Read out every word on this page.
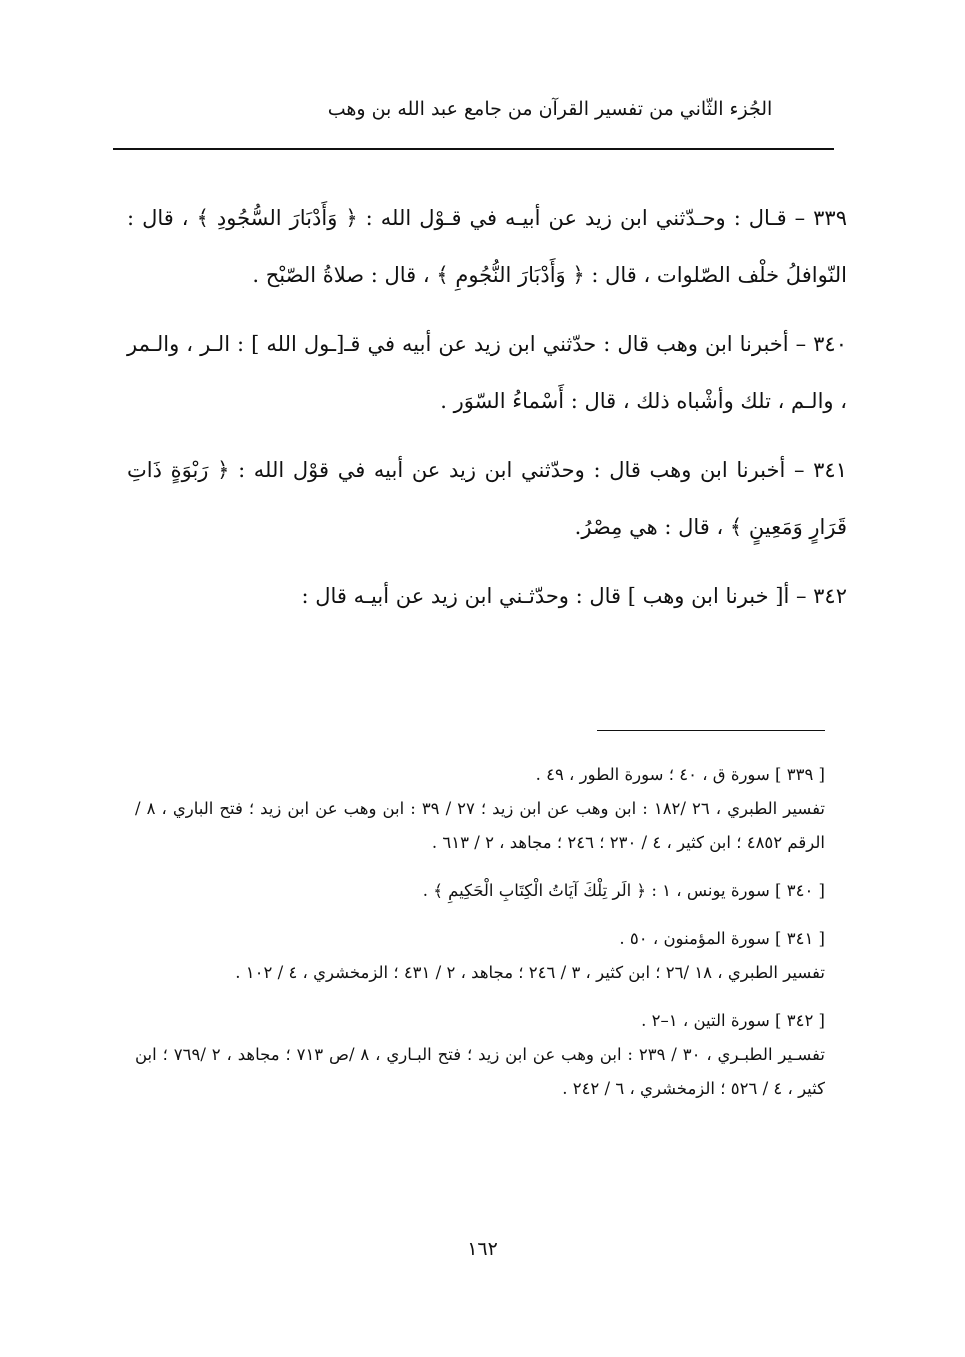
الجُزء الثّاني من تفسير القرآن من جامع عبد الله بن وهب

٣٣٩ – قـال : وحـدّثني ابن زيد عن أبيـه في قـوْل الله : ﴿ وَأَدْبَارَ السُّجُودِ ﴾ ، قال : النّوافلُ خلْف الصّلوات ، قال : ﴿ وَأَدْبَارَ النُّجُومِ ﴾ ، قال : صلاةُ الصّبْح .

٣٤٠ – أخبرنا ابن وهب قال : حدّثني ابن زيد عن أبيه في قـ[ـول الله ] : الـر ، والـمر ، والـم ، تلك وأشْباه ذلك ، قال : أَسْماءُ السّوَر .

٣٤١ – أخبرنا ابن وهب قال : وحدّثني ابن زيد عن أبيه في قوْل الله : ﴿ رَبْوَةٍ ذَاتِ قَرَارٍ وَمَعِينٍ ﴾ ، قال : هي مِصْرُ.

٣٤٢ – أ[ خبرنا ابن وهب ] قال : وحدّثـني ابن زيد عن أبيـه قال :

[ ٣٣٩ ] سورة ق ، ٤٠ ؛ سورة الطور ، ٤٩ .

تفسير الطبري ، ٢٦ /١٨٢ : ابن وهب عن ابن زيد ؛ ٢٧ / ٣٩ : ابن وهب عن ابن زيد ؛ فتح الباري ، ٨ /الرقم ٤٨٥٢ ؛ ابن كثير ، ٤ / ٢٣٠ ؛ ٢٤٦ ؛ مجاهد ، ٢ / ٦١٣ .

[ ٣٤٠ ] سورة يونس ، ١ : ﴿ الَر تِلْكَ آيَاتُ الْكِتَابِ الْحَكِيمِ ﴾ .

[ ٣٤١ ] سورة المؤمنون ، ٥٠ .

تفسير الطبري ، ١٨ /٢٦ ؛ ابن كثير ، ٣ / ٢٤٦ ؛ مجاهد ، ٢ / ٤٣١ ؛ الزمخشري ، ٤ / ١٠٢ .

[ ٣٤٢ ] سورة التين ، ١–٢ .

تفسـير الطبـري ، ٣٠ / ٢٣٩ : ابن وهب عن ابن زيد ؛ فتح البـاري ، ٨ /ص ٧١٣ ؛ مجاهد ، ٢ /٧٦٩ ؛ ابن كثير ، ٤ / ٥٢٦ ؛ الزمخشري ، ٦ / ٢٤٢ .

١٦٢
